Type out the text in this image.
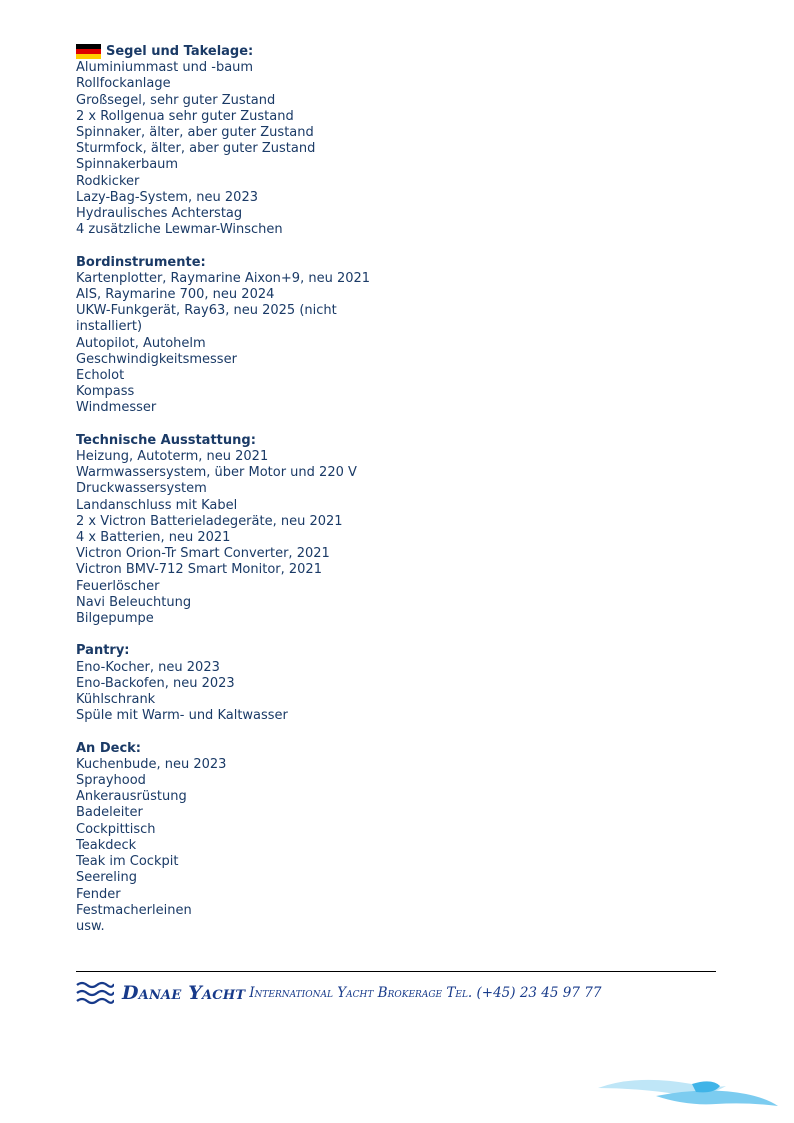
Segel und Takelage:
Aluminiummast und -baum
Rollfockanlage
Großsegel, sehr guter Zustand
2 x Rollgenua sehr guter Zustand
Spinnaker, älter, aber guter Zustand
Sturmfock, älter, aber guter Zustand
Spinnakerbaum
Rodkicker
Lazy-Bag-System, neu 2023
Hydraulisches Achterstag
4 zusätzliche Lewmar-Winschen
Bordinstrumente:
Kartenplotter, Raymarine Aixon+9, neu 2021
AIS, Raymarine 700, neu 2024
UKW-Funkgerät, Ray63, neu 2025 (nicht installiert)
Autopilot, Autohelm
Geschwindigkeitsmesser
Echolot
Kompass
Windmesser
Technische Ausstattung:
Heizung, Autoterm, neu 2021
Warmwassersystem, über Motor und 220 V
Druckwassersystem
Landanschluss mit Kabel
2 x Victron Batterieladegeräte, neu 2021
4 x Batterien, neu 2021
Victron Orion-Tr Smart Converter, 2021
Victron BMV-712 Smart Monitor, 2021
Feuerlöscher
Navi Beleuchtung
Bilgepumpe
Pantry:
Eno-Kocher, neu 2023
Eno-Backofen, neu 2023
Kühlschrank
Spüle mit Warm- und Kaltwasser
An Deck:
Kuchenbude, neu 2023
Sprayhood
Ankerausrüstung
Badeleiter
Cockpittisch
Teakdeck
Teak im Cockpit
Seereling
Fender
Festmacherleinen
usw.
Danae Yacht International Yacht Brokerage Tel. (+45) 23 45 97 77
